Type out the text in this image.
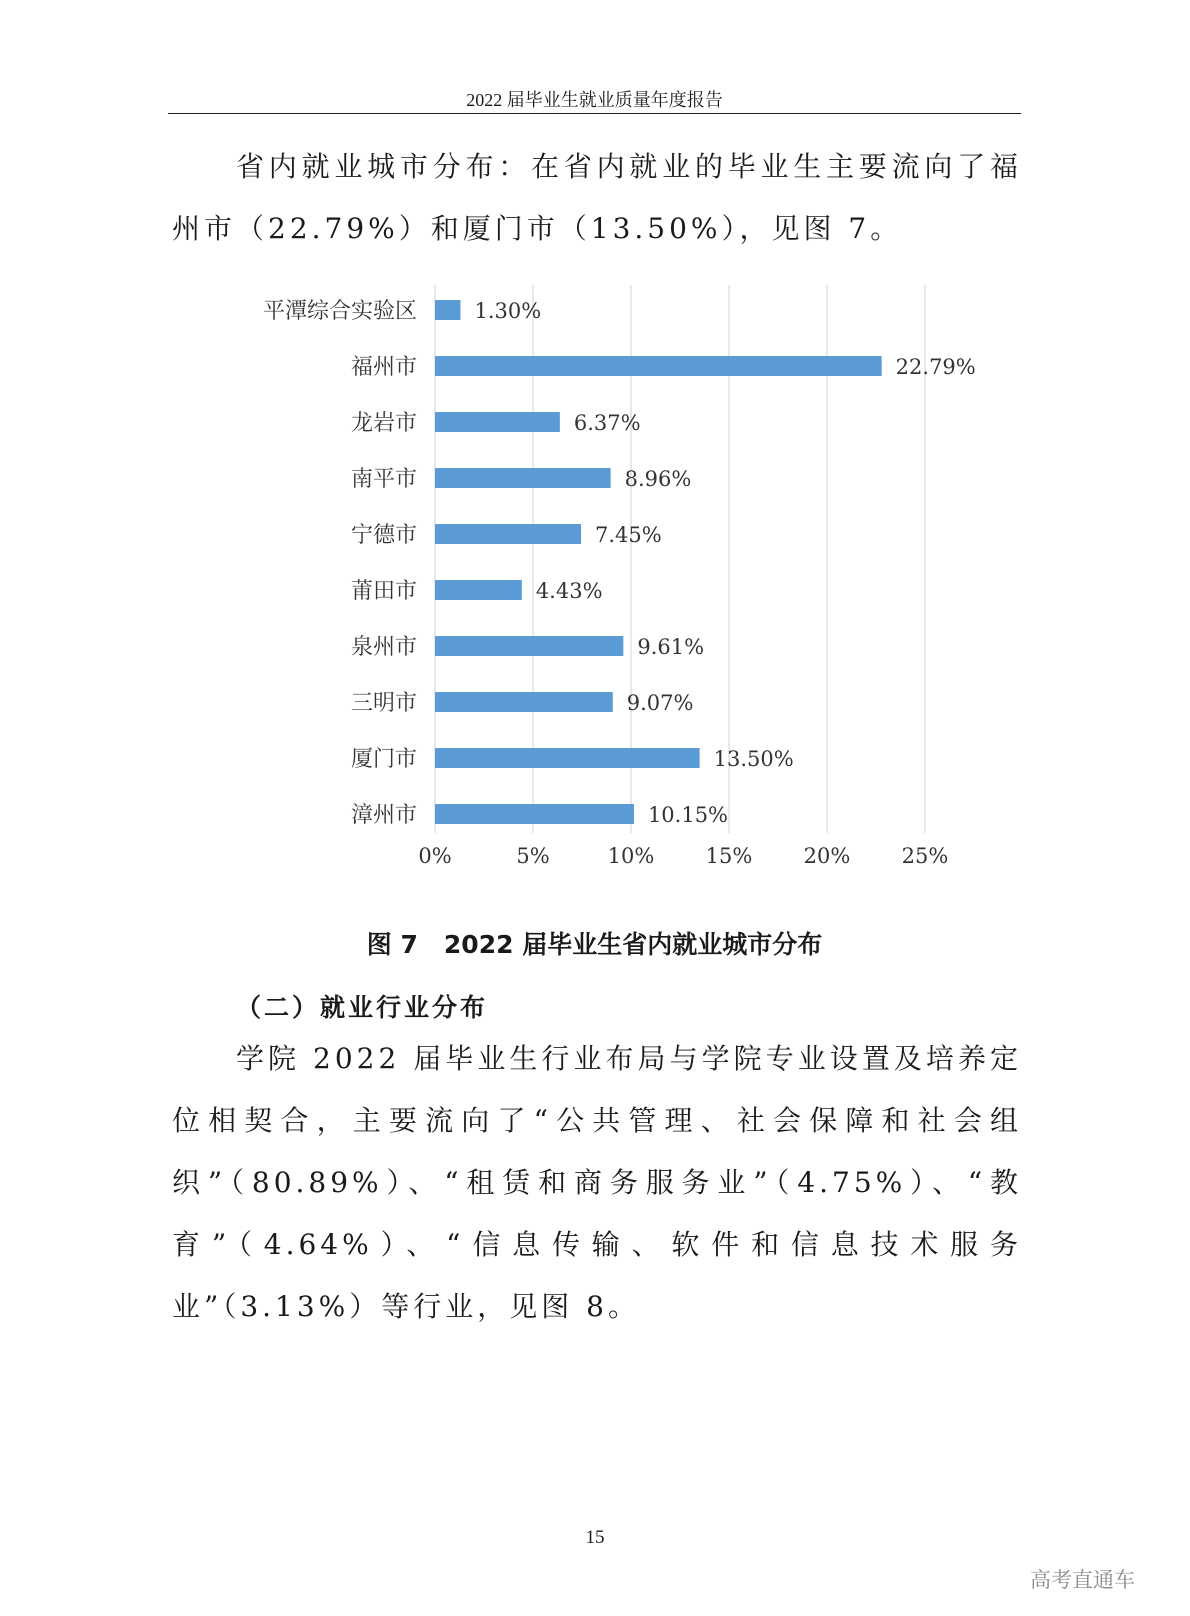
2022 届毕业生就业质量年度报告

省内就业城市分布：在省内就业的毕业生主要流向了福州市（22.79%）和厦门市（13.50%），见图 7。

0%	5%	10% 15% 20% 25%
平潭综合实验区	1.30%
福州市	22.79%
龙岩市	6.37%
南平市	8.96%
宁德市	7.45%
莆田市	4.43%
泉州市	9.61%
三明市	9.07%
厦门市	13.50%
漳州市	10.15%
图 7 2022 届毕业生省内就业城市分布
（二）就业行业分布

学院 2022 届毕业生行业布局与学院专业设置及培养定位相契合，主要流向了“公共管理、社会保障和社会组织”（80.89%）、“租赁和商务服务业”（4.75%）、“教育”（4.64%）、“信息传输、软件和信息技术服务业”（3.13%）等行业，见图 8。

15
高考直通车
